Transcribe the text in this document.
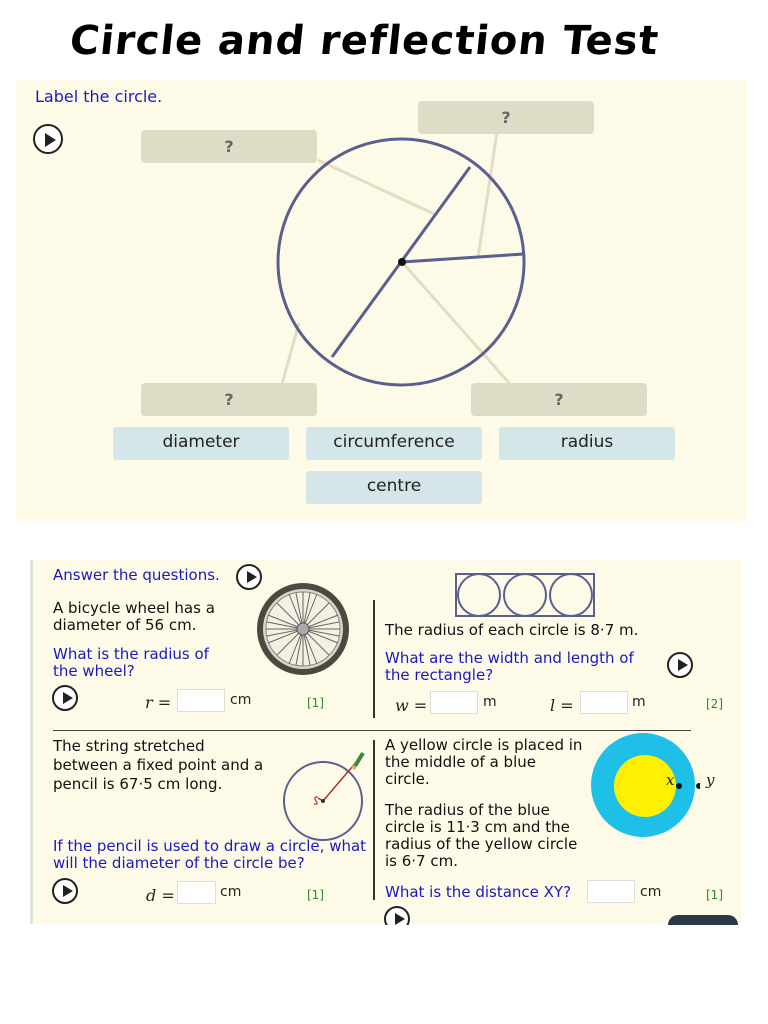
Circle and reflection Test
Label the circle.
?
?
?	?
diameter	circumference	radius
centre
Answer the questions.
A bicycle wheel has a diameter of 56 cm.
What is the radius of the wheel?
r =	cm	[1]
The radius of each circle is 8·7 m.
What are the width and length of the rectangle?
w =	m	l =	m	[2]
The string stretched between a fixed point and a pencil is 67·5 cm long.
If the pencil is used to draw a circle, what will the diameter of the circle be?
d =	cm	[1]
A yellow circle is placed in the middle of a blue circle.
The radius of the blue circle is 11·3 cm and the radius of the yellow circle is 6·7 cm.
x y
What is the distance XY?	cm	[1]
